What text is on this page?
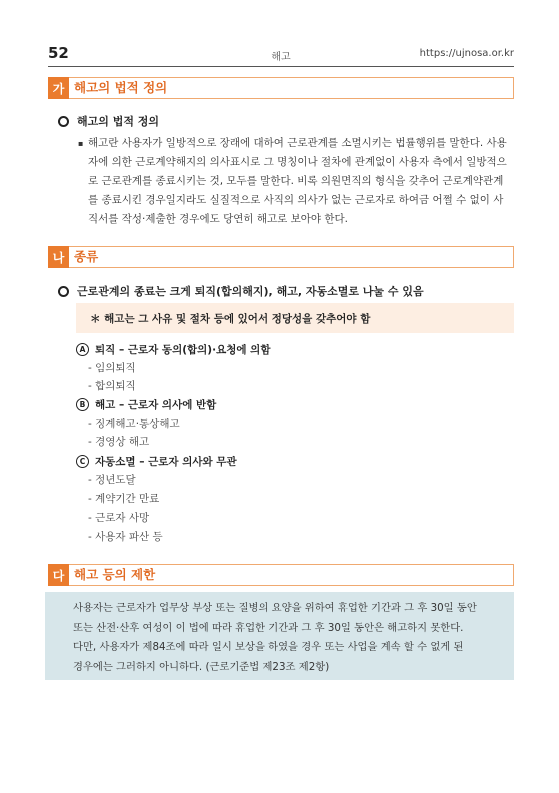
52	해고	https://ujnosa.or.kr
가 해고의 법적 정의
해고의 법적 정의
▪ 해고란 사용자가 일방적으로 장래에 대하여 근로관계를 소멸시키는 법률행위를 말한다. 사용자에 의한 근로계약해지의 의사표시로 그 명칭이나 절차에 관계없이 사용자 측에서 일방적으로 근로관계를 종료시키는 것, 모두를 말한다. 비록 의원면직의 형식을 갖추어 근로계약관계를 종료시킨 경우일지라도 실질적으로 사직의 의사가 없는 근로자로 하여금 어쩔 수 없이 사직서를 작성·제출한 경우에도 당연히 해고로 보아야 한다.
나 종류
근로관계의 종료는 크게 퇴직(합의해지), 해고, 자동소멸로 나눌 수 있음
＊ 해고는 그 사유 및 절차 등에 있어서 정당성을 갖추어야 함
A 퇴직 – 근로자 동의(합의)·요청에 의함
- 임의퇴직
- 합의퇴직
B 해고 – 근로자 의사에 반함
- 징계해고·통상해고
- 경영상 해고
C 자동소멸 – 근로자 의사와 무관
- 정년도달
- 계약기간 만료
- 근로자 사망
- 사용자 파산 등
다 해고 등의 제한
사용자는 근로자가 업무상 부상 또는 질병의 요양을 위하여 휴업한 기간과 그 후 30일 동안
또는 산전·산후 여성이 이 법에 따라 휴업한 기간과 그 후 30일 동안은 해고하지 못한다.
다만, 사용자가 제84조에 따라 일시 보상을 하였을 경우 또는 사업을 계속 할 수 없게 된
경우에는 그러하지 아니하다. (근로기준법 제23조 제2항)
